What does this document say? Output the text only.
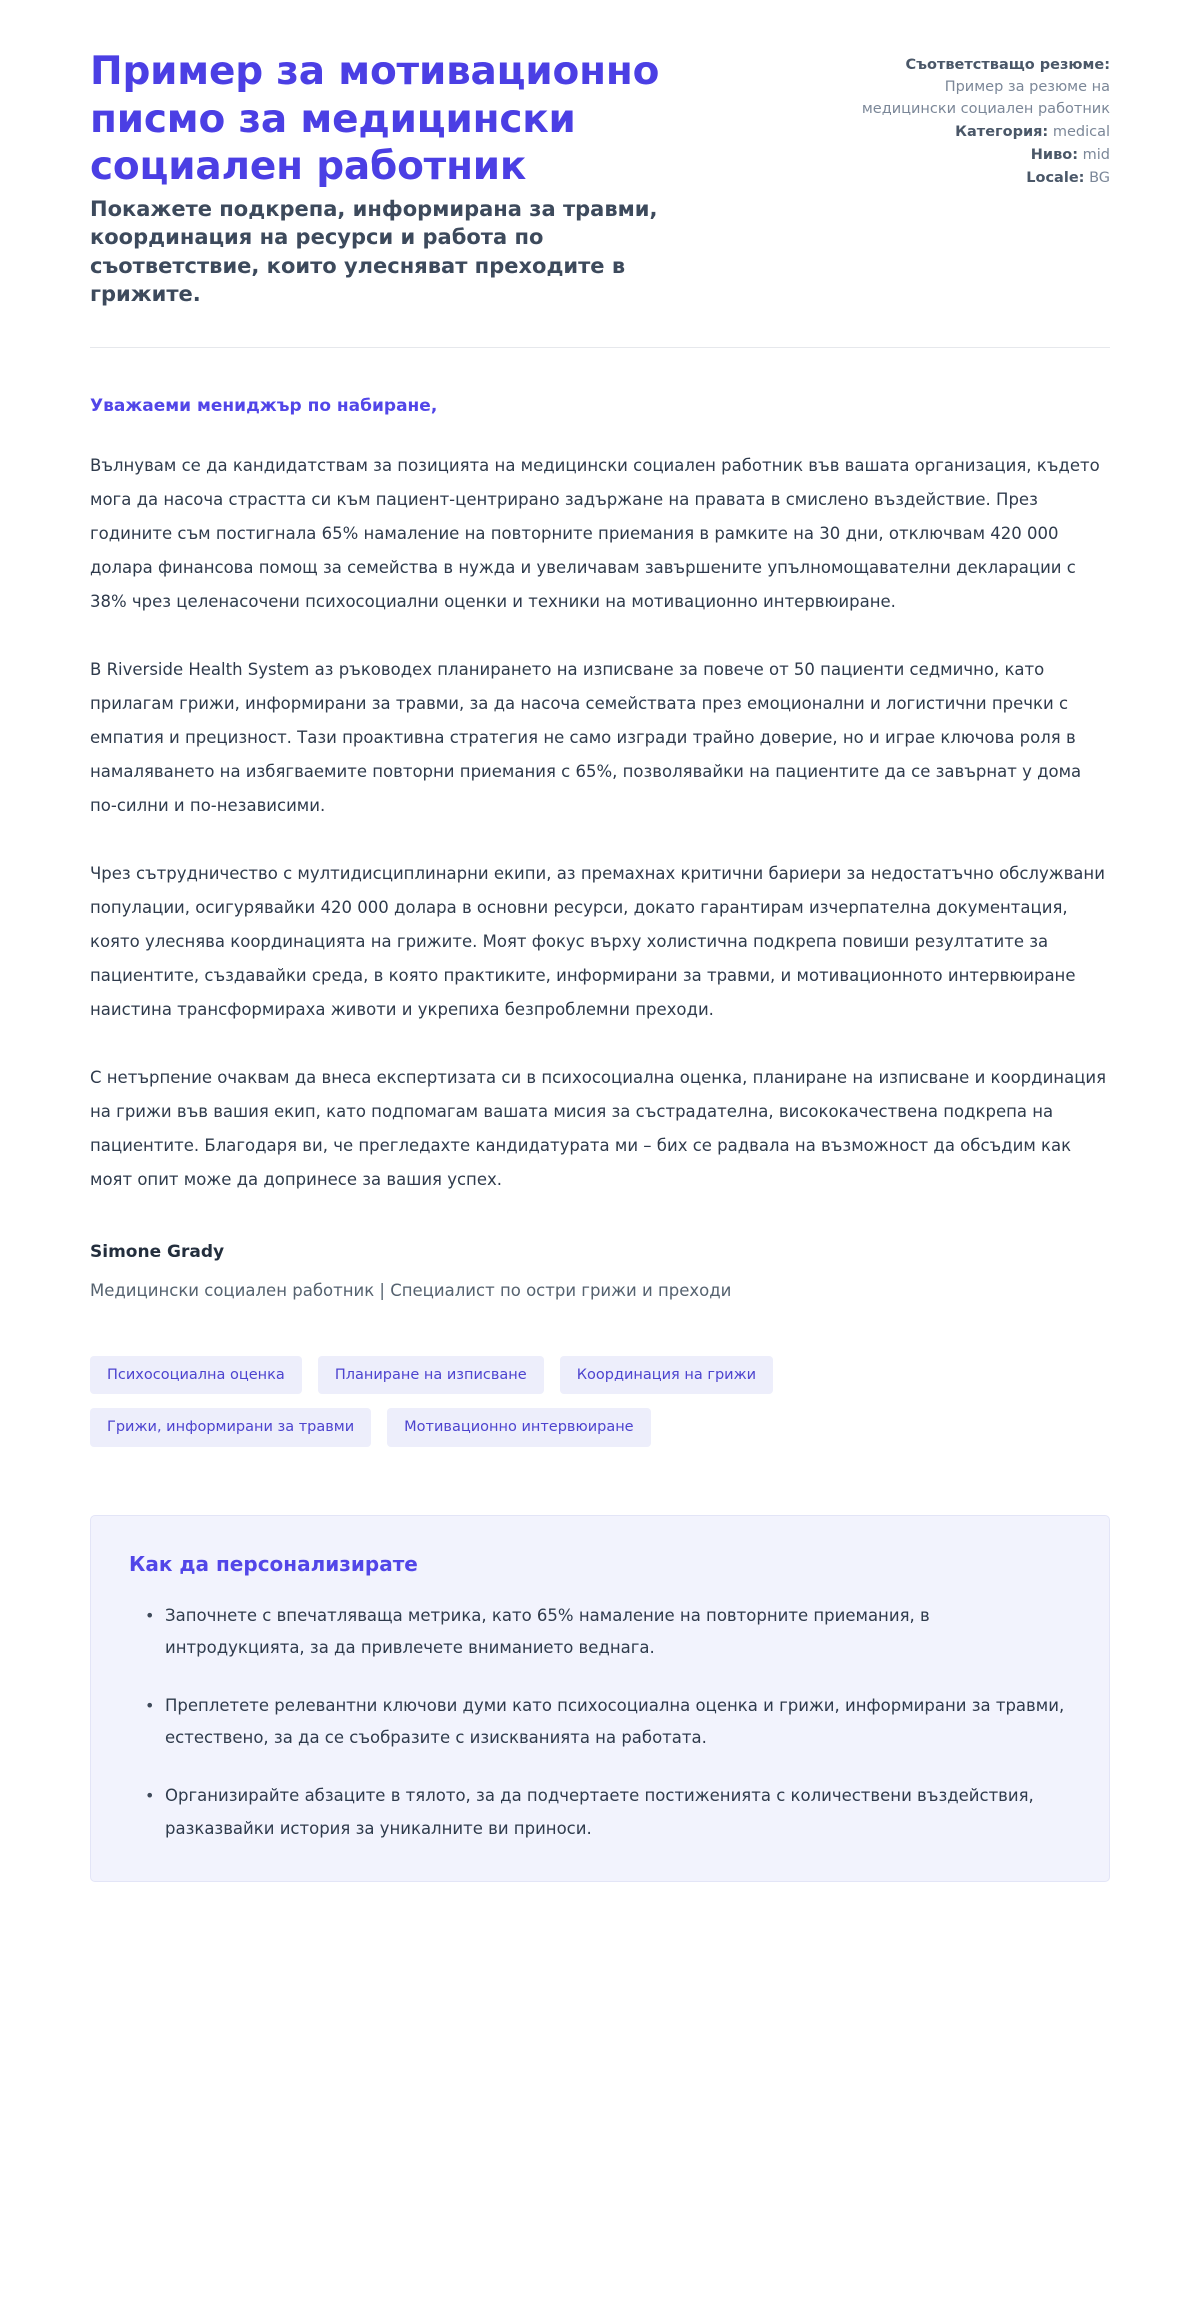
Пример за мотивационно писмо за медицински социален работник

Покажете подкрепа, информирана за травми, координация на ресурси и работа по съответствие, които улесняват преходите в грижите.

Съответстващо резюме:
Пример за резюме на медицински социален работник
Категория: medical
Ниво: mid
Locale: BG

Уважаеми мениджър по набиране,

Вълнувам се да кандидатствам за позицията на медицински социален работник във вашата организация, където мога да насоча страстта си към пациент-центрирано задържане на правата в смислено въздействие. През годините съм постигнала 65% намаление на повторните приемания в рамките на 30 дни, отключвам 420 000 долара финансова помощ за семейства в нужда и увеличавам завършените упълномощавателни декларации с 38% чрез целенасочени психосоциални оценки и техники на мотивационно интервюиране.

В Riverside Health System аз ръководех планирането на изписване за повече от 50 пациенти седмично, като прилагам грижи, информирани за травми, за да насоча семействата през емоционални и логистични пречки с емпатия и прецизност. Тази проактивна стратегия не само изгради трайно доверие, но и играе ключова роля в намаляването на избягваемите повторни приемания с 65%, позволявайки на пациентите да се завърнат у дома по-силни и по-независими.

Чрез сътрудничество с мултидисциплинарни екипи, аз премахнах критични бариери за недостатъчно обслужвани популации, осигурявайки 420 000 долара в основни ресурси, докато гарантирам изчерпателна документация, която улеснява координацията на грижите. Моят фокус върху холистична подкрепа повиши резултатите за пациентите, създавайки среда, в която практиките, информирани за травми, и мотивационното интервюиране наистина трансформираха животи и укрепиха безпроблемни преходи.

С нетърпение очаквам да внеса експертизата си в психосоциална оценка, планиране на изписване и координация на грижи във вашия екип, като подпомагам вашата мисия за състрадателна, висококачествена подкрепа на пациентите. Благодаря ви, че прегледахте кандидатурата ми – бих се радвала на възможност да обсъдим как моят опит може да допринесе за вашия успех.

Simone Grady

Медицински социален работник | Специалист по остри грижи и преходи

Психосоциална оценка	Планиране на изписване	Координация на грижи
Грижи, информирани за травми	Мотивационно интервюиране
Как да персонализирате
• Започнете с впечатляваща метрика, като 65% намаление на повторните приемания, в интродукцията, за да привлечете вниманието веднага.
• Преплетете релевантни ключови думи като психосоциална оценка и грижи, информирани за травми, естествено, за да се съобразите с изискванията на работата.
• Организирайте абзаците в тялото, за да подчертаете постиженията с количествени въздействия, разказвайки история за уникалните ви приноси.
